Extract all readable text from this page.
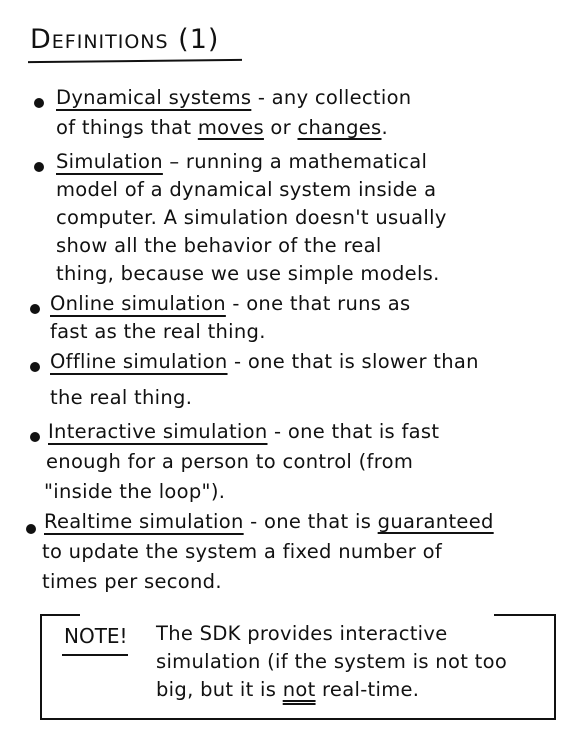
Definitions (1)
Dynamical systems - any collection
of things that moves or changes.
Simulation – running a mathematical
model of a dynamical system inside a
computer. A simulation doesn't usually
show all the behavior of the real
thing, because we use simple models.
Online simulation - one that runs as
fast as the real thing.
Offline simulation - one that is slower than
the real thing.
Interactive simulation - one that is fast
enough for a person to control (from
"inside the loop").
Realtime simulation - one that is guaranteed
to update the system a fixed number of
times per second.
NOTE! The SDK provides interactive
simulation (if the system is not too
big, but it is not real-time.
